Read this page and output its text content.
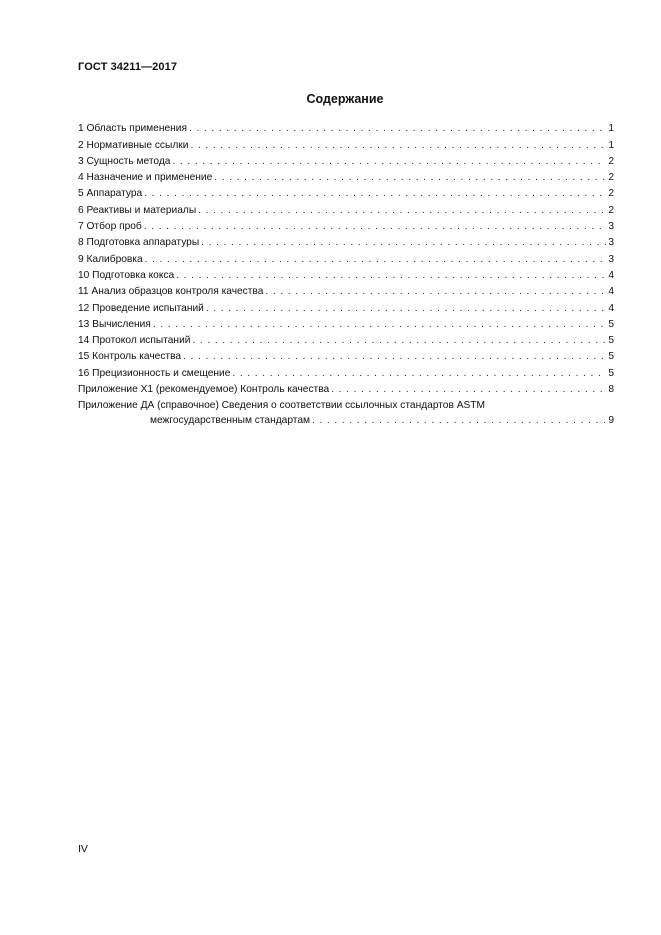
ГОСТ 34211—2017
Содержание
1 Область применения . . .	1
2 Нормативные ссылки . . .	1
3 Сущность метода . . .	2
4 Назначение и применение . . .	2
5 Аппаратура . . .	2
6 Реактивы и материалы . . .	2
7 Отбор проб . . .	3
8 Подготовка аппаратуры . . .	3
9 Калибровка . . .	3
10 Подготовка кокса . . .	4
11 Анализ образцов контроля качества . . .	4
12 Проведение испытаний . . .	4
13 Вычисления . . .	5
14 Протокол испытаний . . .	5
15 Контроль качества . . .	5
16 Прецизионность и смещение . . .	5
Приложение Х1 (рекомендуемое) Контроль качества . . .	8
Приложение ДА (справочное) Сведения о соответствии ссылочных стандартов ASTM
межгосударственным стандартам . . .	9
IV
